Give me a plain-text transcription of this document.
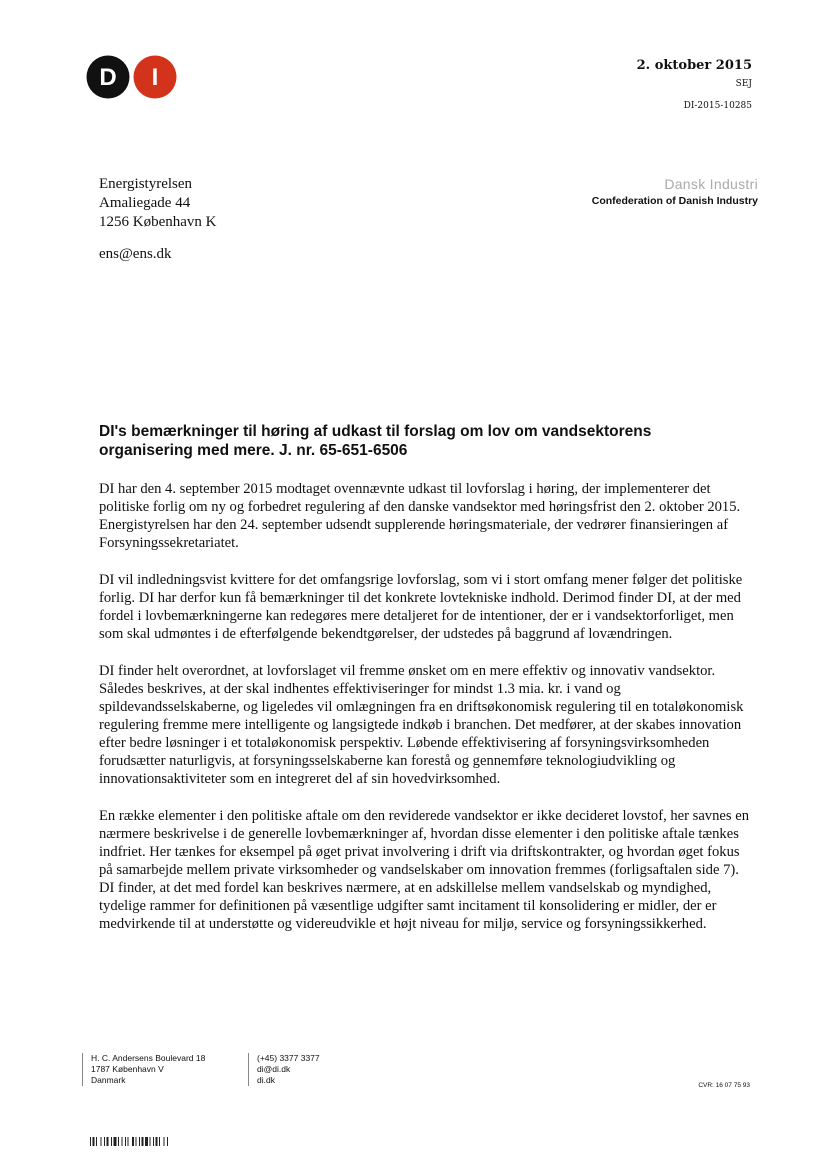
D I	2. oktober 2015
SEJ
DI-2015-10285
Energistyrelsen
Amaliegade 44
1256 København K
ens@ens.dk
Dansk Industri
Confederation of Danish Industry
DI's bemærkninger til høring af udkast til forslag om lov om vandsektorens organisering med mere. J. nr. 65-651-6506

DI har den 4. september 2015 modtaget ovennævnte udkast til lovforslag i høring, der implementerer det politiske forlig om ny og forbedret regulering af den danske vandsektor med høringsfrist den 2. oktober 2015. Energistyrelsen har den 24. september udsendt supplerende høringsmateriale, der vedrører finansieringen af Forsyningssekretariatet.

DI vil indledningsvist kvittere for det omfangsrige lovforslag, som vi i stort omfang mener følger det politiske forlig. DI har derfor kun få bemærkninger til det konkrete lovtekniske indhold. Derimod finder DI, at der med fordel i lovbemærkningerne kan redegøres mere detaljeret for de intentioner, der er i vandsektorforliget, men som skal udmøntes i de efterfølgende bekendtgørelser, der udstedes på baggrund af lovændringen.

DI finder helt overordnet, at lovforslaget vil fremme ønsket om en mere effektiv og innovativ vandsektor. Således beskrives, at der skal indhentes effektiviseringer for mindst 1.3 mia. kr. i vand og spildevandsselskaberne, og ligeledes vil omlægningen fra en driftsøkonomisk regulering til en totaløkonomisk regulering fremme mere intelligente og langsigtede indkøb i branchen. Det medfører, at der skabes innovation efter bedre løsninger i et totaløkonomisk perspektiv. Løbende effektivisering af forsyningsvirksomheden forudsætter naturligvis, at forsyningsselskaberne kan forestå og gennemføre teknologiudvikling og innovationsaktiviteter som en integreret del af sin hovedvirksomhed.

En række elementer i den politiske aftale om den reviderede vandsektor er ikke decideret lovstof, her savnes en nærmere beskrivelse i de generelle lovbemærkninger af, hvordan disse elementer i den politiske aftale tænkes indfriet. Her tænkes for eksempel på øget privat involvering i drift via driftskontrakter, og hvordan øget fokus på samarbejde mellem private virksomheder og vandselskaber om innovation fremmes (forligsaftalen side 7). DI finder, at det med fordel kan beskrives nærmere, at en adskillelse mellem vandselskab og myndighed, tydelige rammer for definitionen på væsentlige udgifter samt incitament til konsolidering er midler, der er medvirkende til at understøtte og videreudvikle et højt niveau for miljø, service og forsyningssikkerhed.

H. C. Andersens Boulevard 18
1787 København V
Danmark
(+45) 3377 3377
di@di.dk
di.dk
CVR: 16 07 75 93
